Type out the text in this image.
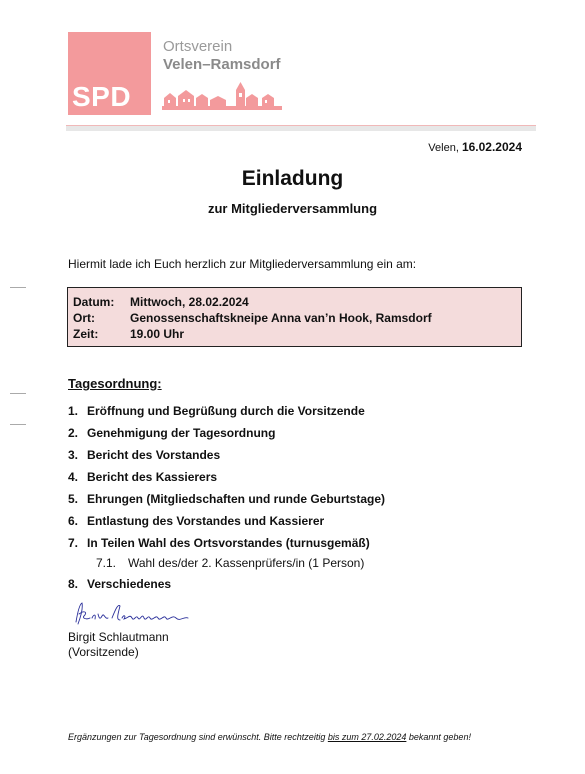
SPD
Ortsverein
Velen–Ramsdorf
Velen, 16.02.2024
Einladung
zur Mitgliederversammlung
Hiermit lade ich Euch herzlich zur Mitgliederversammlung ein am:
Datum:	Mittwoch, 28.02.2024
Ort:	Genossenschaftskneipe Anna van’n Hook, Ramsdorf
Zeit:	19.00 Uhr
Tagesordnung:
1. Eröffnung und Begrüßung durch die Vorsitzende
2. Genehmigung der Tagesordnung
3. Bericht des Vorstandes
4. Bericht des Kassierers
5. Ehrungen (Mitgliedschaften und runde Geburtstage)
6. Entlastung des Vorstandes und Kassierer
7. In Teilen Wahl des Ortsvorstandes (turnusgemäß)
7.1. Wahl des/der 2. Kassenprüfers/in (1 Person)
8. Verschiedenes
Birgit Schlautmann
(Vorsitzende)
Ergänzungen zur Tagesordnung sind erwünscht. Bitte rechtzeitig bis zum 27.02.2024 bekannt geben!
